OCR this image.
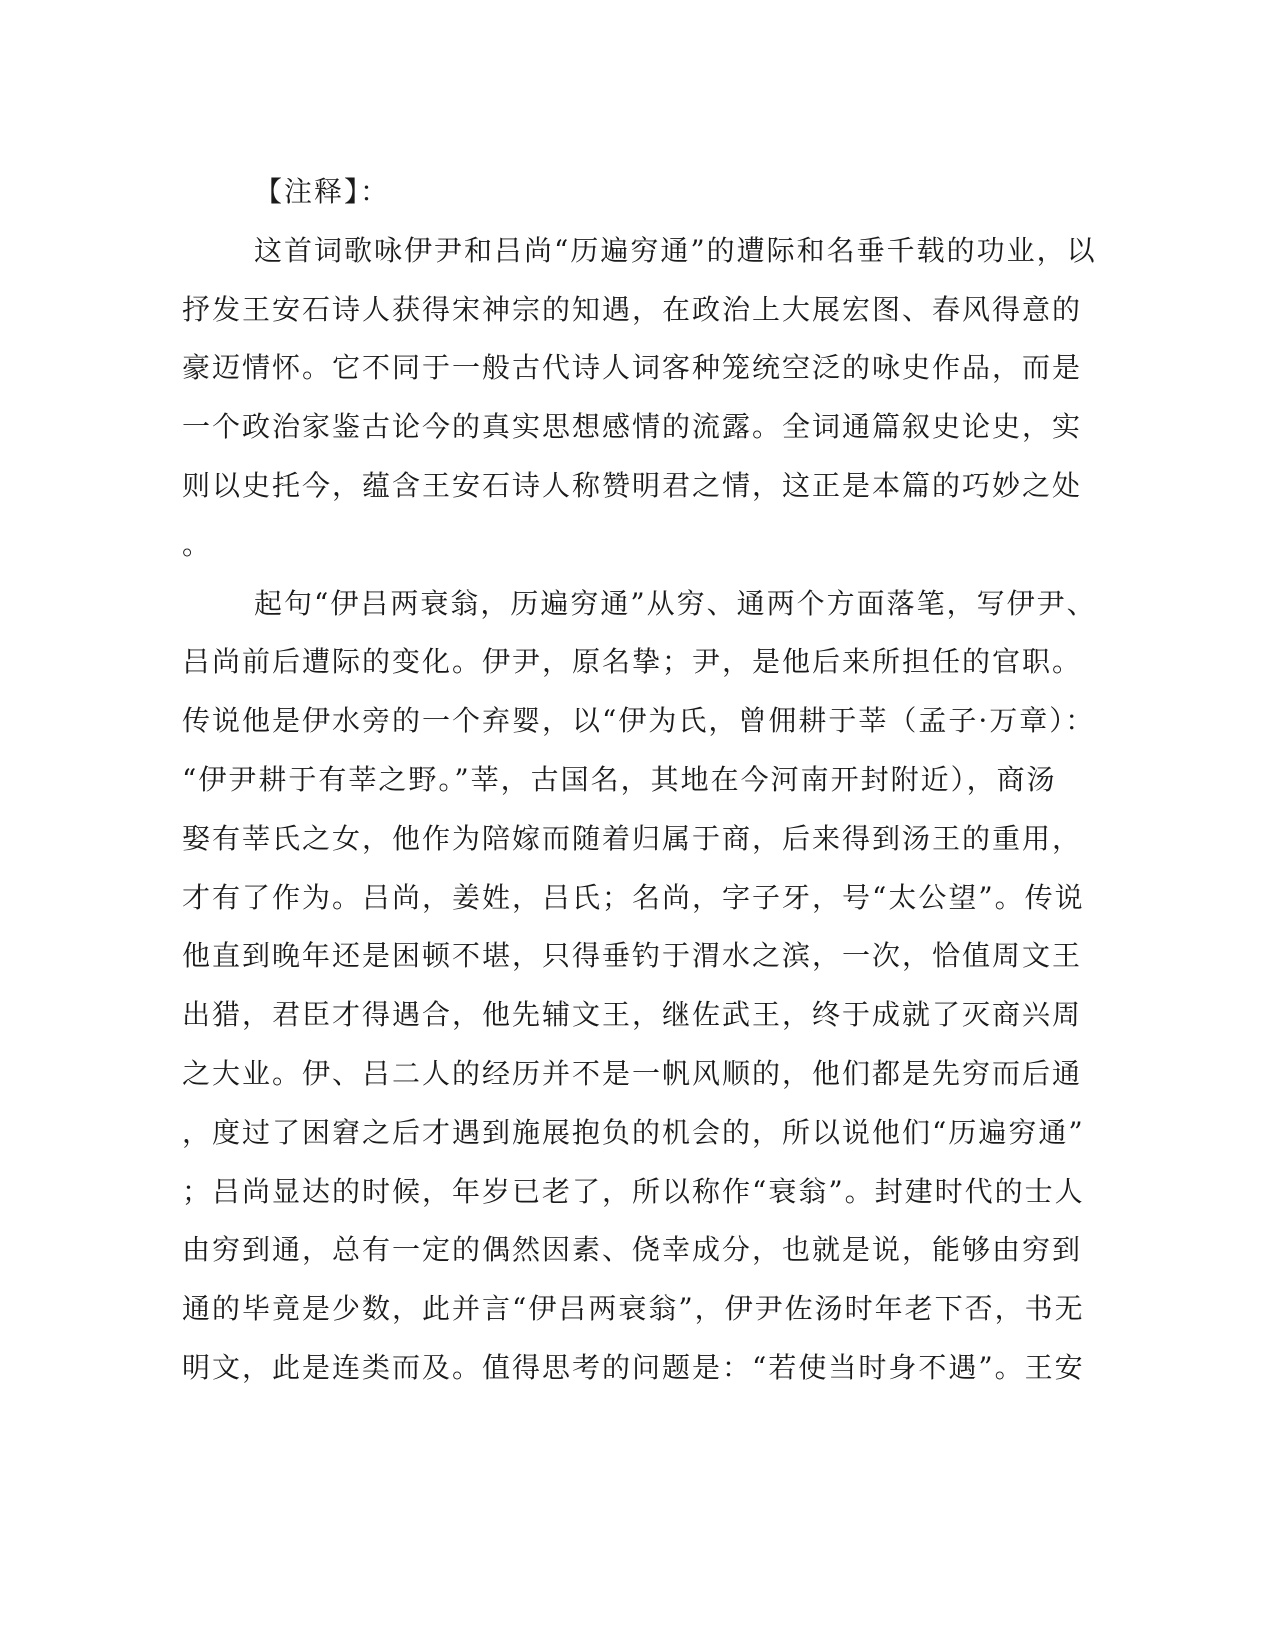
【注释】：
这首词歌咏伊尹和吕尚“历遍穷通”的遭际和名垂千载的功业，以
抒发王安石诗人获得宋神宗的知遇，在政治上大展宏图、春风得意的
豪迈情怀。它不同于一般古代诗人词客种笼统空泛的咏史作品，而是
一个政治家鉴古论今的真实思想感情的流露。全词通篇叙史论史，实
则以史托今，蕴含王安石诗人称赞明君之情，这正是本篇的巧妙之处
。
起句“伊吕两衰翁，历遍穷通”从穷、通两个方面落笔，写伊尹、
吕尚前后遭际的变化。伊尹，原名挚；尹，是他后来所担任的官职。
传说他是伊水旁的一个弃婴，以“伊为氏，曾佣耕于莘（孟子·万章）：
“伊尹耕于有莘之野。”莘，古国名，其地在今河南开封附近），商汤
娶有莘氏之女，他作为陪嫁而随着归属于商，后来得到汤王的重用，
才有了作为。吕尚，姜姓，吕氏；名尚，字子牙，号“太公望”。传说
他直到晚年还是困顿不堪，只得垂钓于渭水之滨，一次，恰值周文王
出猎，君臣才得遇合，他先辅文王，继佐武王，终于成就了灭商兴周
之大业。伊、吕二人的经历并不是一帆风顺的，他们都是先穷而后通
，度过了困窘之后才遇到施展抱负的机会的，所以说他们“历遍穷通”
；吕尚显达的时候，年岁已老了，所以称作“衰翁”。封建时代的士人
由穷到通，总有一定的偶然因素、侥幸成分，也就是说，能够由穷到
通的毕竟是少数，此并言“伊吕两衰翁”，伊尹佐汤时年老下否，书无
明文，此是连类而及。值得思考的问题是：“若使当时身不遇”。王安
